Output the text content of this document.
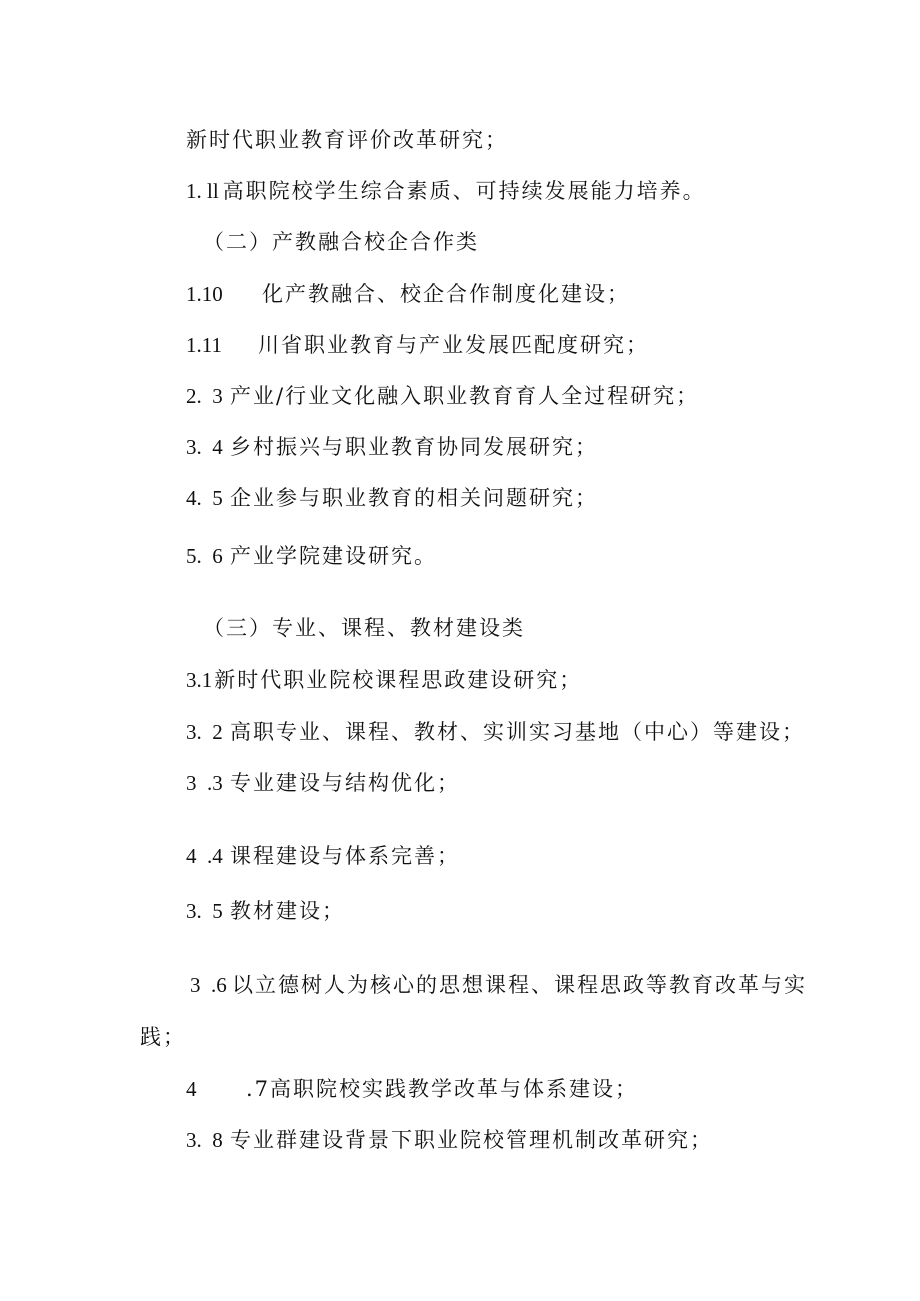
新时代职业教育评价改革研究；
1. ll 高职院校学生综合素质、可持续发展能力培养。
（二）产教融合校企合作类
1.10 化产教融合、校企合作制度化建设；
1.11 川省职业教育与产业发展匹配度研究；
2.  3 产业/行业文化融入职业教育育人全过程研究；
3.  4 乡村振兴与职业教育协同发展研究；
4.  5 企业参与职业教育的相关问题研究；
5.  6 产业学院建设研究。
（三）专业、课程、教材建设类
3.1新时代职业院校课程思政建设研究；
3.  2 高职专业、课程、教材、实训实习基地（中心）等建设；
3  .3 专业建设与结构优化；
4  .4 课程建设与体系完善；
3.  5 教材建设；
3  .6 以立德树人为核心的思想课程、课程思政等教育改革与实
践；
4 .7高职院校实践教学改革与体系建设；
3.  8 专业群建设背景下职业院校管理机制改革研究；
